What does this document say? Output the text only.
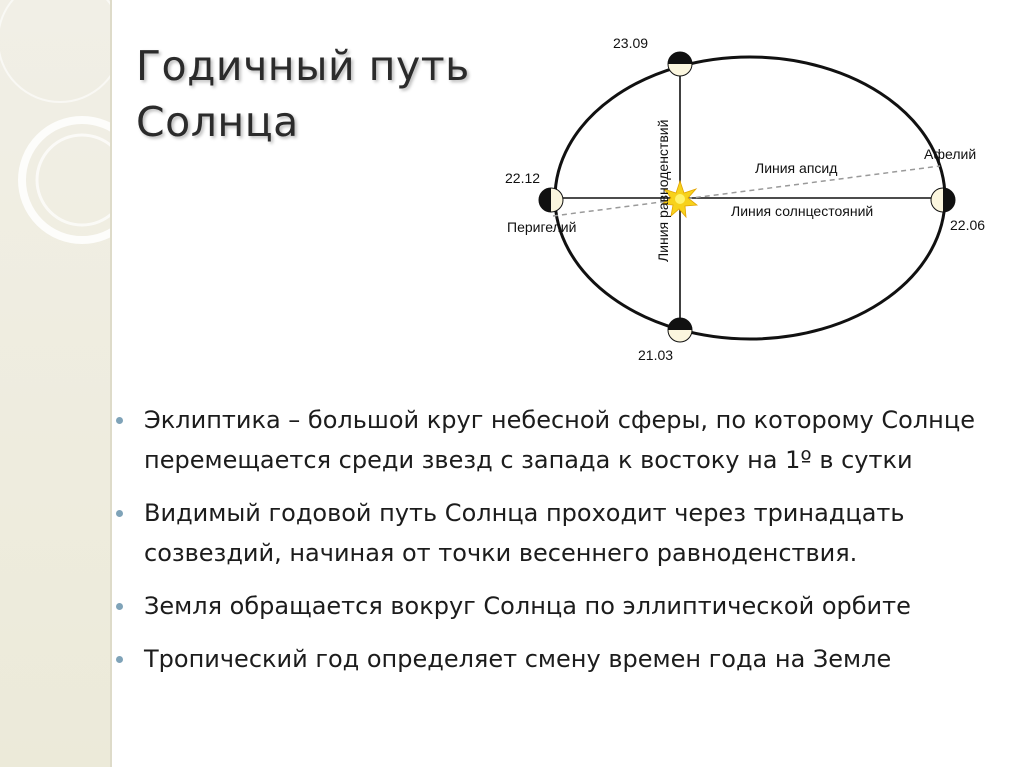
Годичный путь
Солнца
23.09
21.03
22.12
22.06
Перигелий
Афелий
Линия апсид
Линия солнцестояний
Линия равноденствий
Эклиптика – большой круг небесной сферы, по которому Солнце перемещается среди звезд с запада к востоку на 1º в сутки
Видимый годовой путь Солнца проходит через тринадцать созвездий, начиная от точки весеннего равноденствия.
Земля обращается вокруг Солнца по эллиптической орбите
Тропический год определяет смену времен года на Земле
